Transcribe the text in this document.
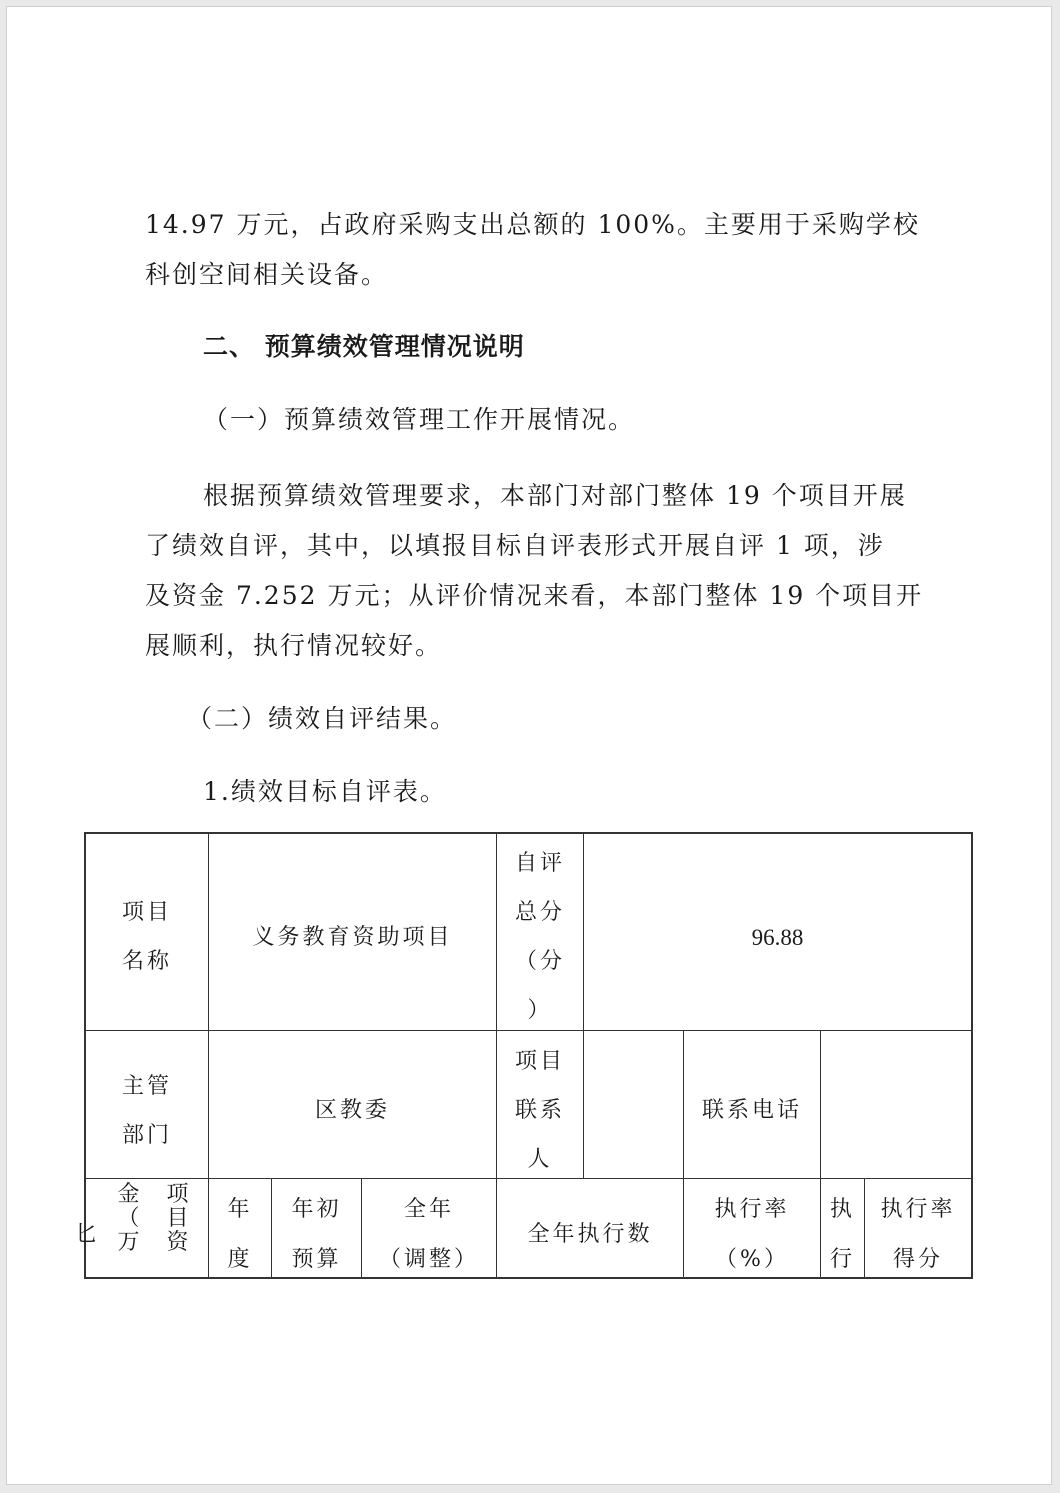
14.97 万元，占政府采购支出总额的 100%。主要用于采购学校
科创空间相关设备。
二、 预算绩效管理情况说明
（一）预算绩效管理工作开展情况。
根据预算绩效管理要求，本部门对部门整体 19 个项目开展
了绩效自评，其中，以填报目标自评表形式开展自评 1 项，涉
及资金 7.252 万元；从评价情况来看，本部门整体 19 个项目开
展顺利，执行情况较好。
（二）绩效自评结果。
1.绩效目标自评表。
项目
名称
义务教育资助项目
自评
总分
（分
）
96.88
主管
部门
区教委
项目
联系
人
联系电话
匕
项
目
资
金
（
万
年
度
年初
预算
全年
（调整）
全年执行数
执行率
（%）
执
行
执行率
得分
